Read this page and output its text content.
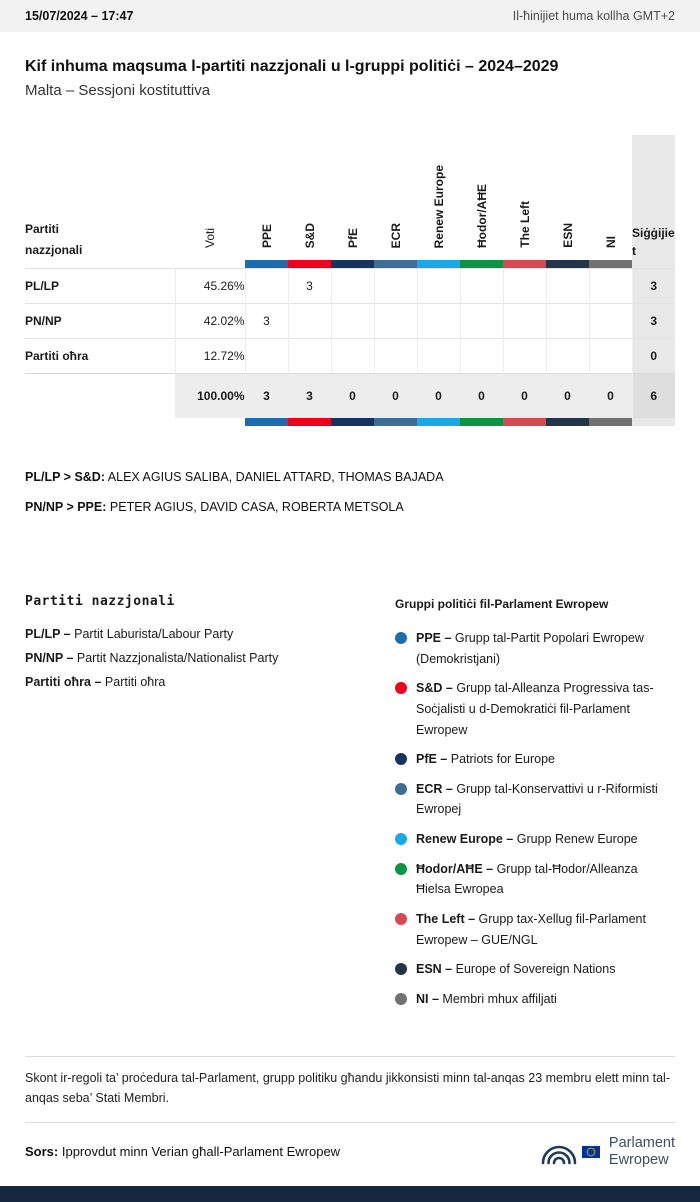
15/07/2024 – 17:47	Il-ħinijiet huma kollha GMT+2
Kif inhuma maqsuma l-partiti nazzjonali u l-gruppi politiċi – 2024–2029
Malta – Sessjoni kostituttiva
Partiti nazzjonali	Voti	PPE	S&D	PfE	ECR	Renew Europe	Ħodor/AĦE	The Left	ESN	NI	Siġġijiet

PL/LP	45.26%		3								3
PN/NP	42.02%	3									3
Partiti oħra	12.72%										0
	100.00%	3	3	0	0	0	0	0	0	0	6

PL/LP > S&D: ALEX AGIUS SALIBA, DANIEL ATTARD, THOMAS BAJADA

PN/NP > PPE: PETER AGIUS, DAVID CASA, ROBERTA METSOLA

Partiti nazzjonali

PL/LP – Partit Laburista/Labour Party

PN/NP – Partit Nazzjonalista/Nationalist Party

Partiti oħra – Partiti oħra

Gruppi politiċi fil-Parlament Ewropew

PPE – Grupp tal-Partit Popolari Ewropew (Demokristjani)

S&D – Grupp tal-Alleanza Progressiva tas-Soċjalisti u d-Demokratiċi fil-Parlament Ewropew

PfE – Patriots for Europe

ECR – Grupp tal-Konservattivi u r-Riformisti Ewropej

Renew Europe – Grupp Renew Europe

Ħodor/AĦE – Grupp tal-Ħodor/Alleanza Ħielsa Ewropea

The Left – Grupp tax-Xellug fil-Parlament Ewropew – GUE/NGL

ESN – Europe of Sovereign Nations

NI – Membri mhux affiljati

Skont ir-regoli ta’ proċedura tal-Parlament, grupp politiku għandu jikkonsisti minn tal-anqas 23 membru elett minn tal-anqas seba’ Stati Membri.
Sors: Ipprovdut minn Verian għall-Parlament Ewropew
Parlament
Ewropew
